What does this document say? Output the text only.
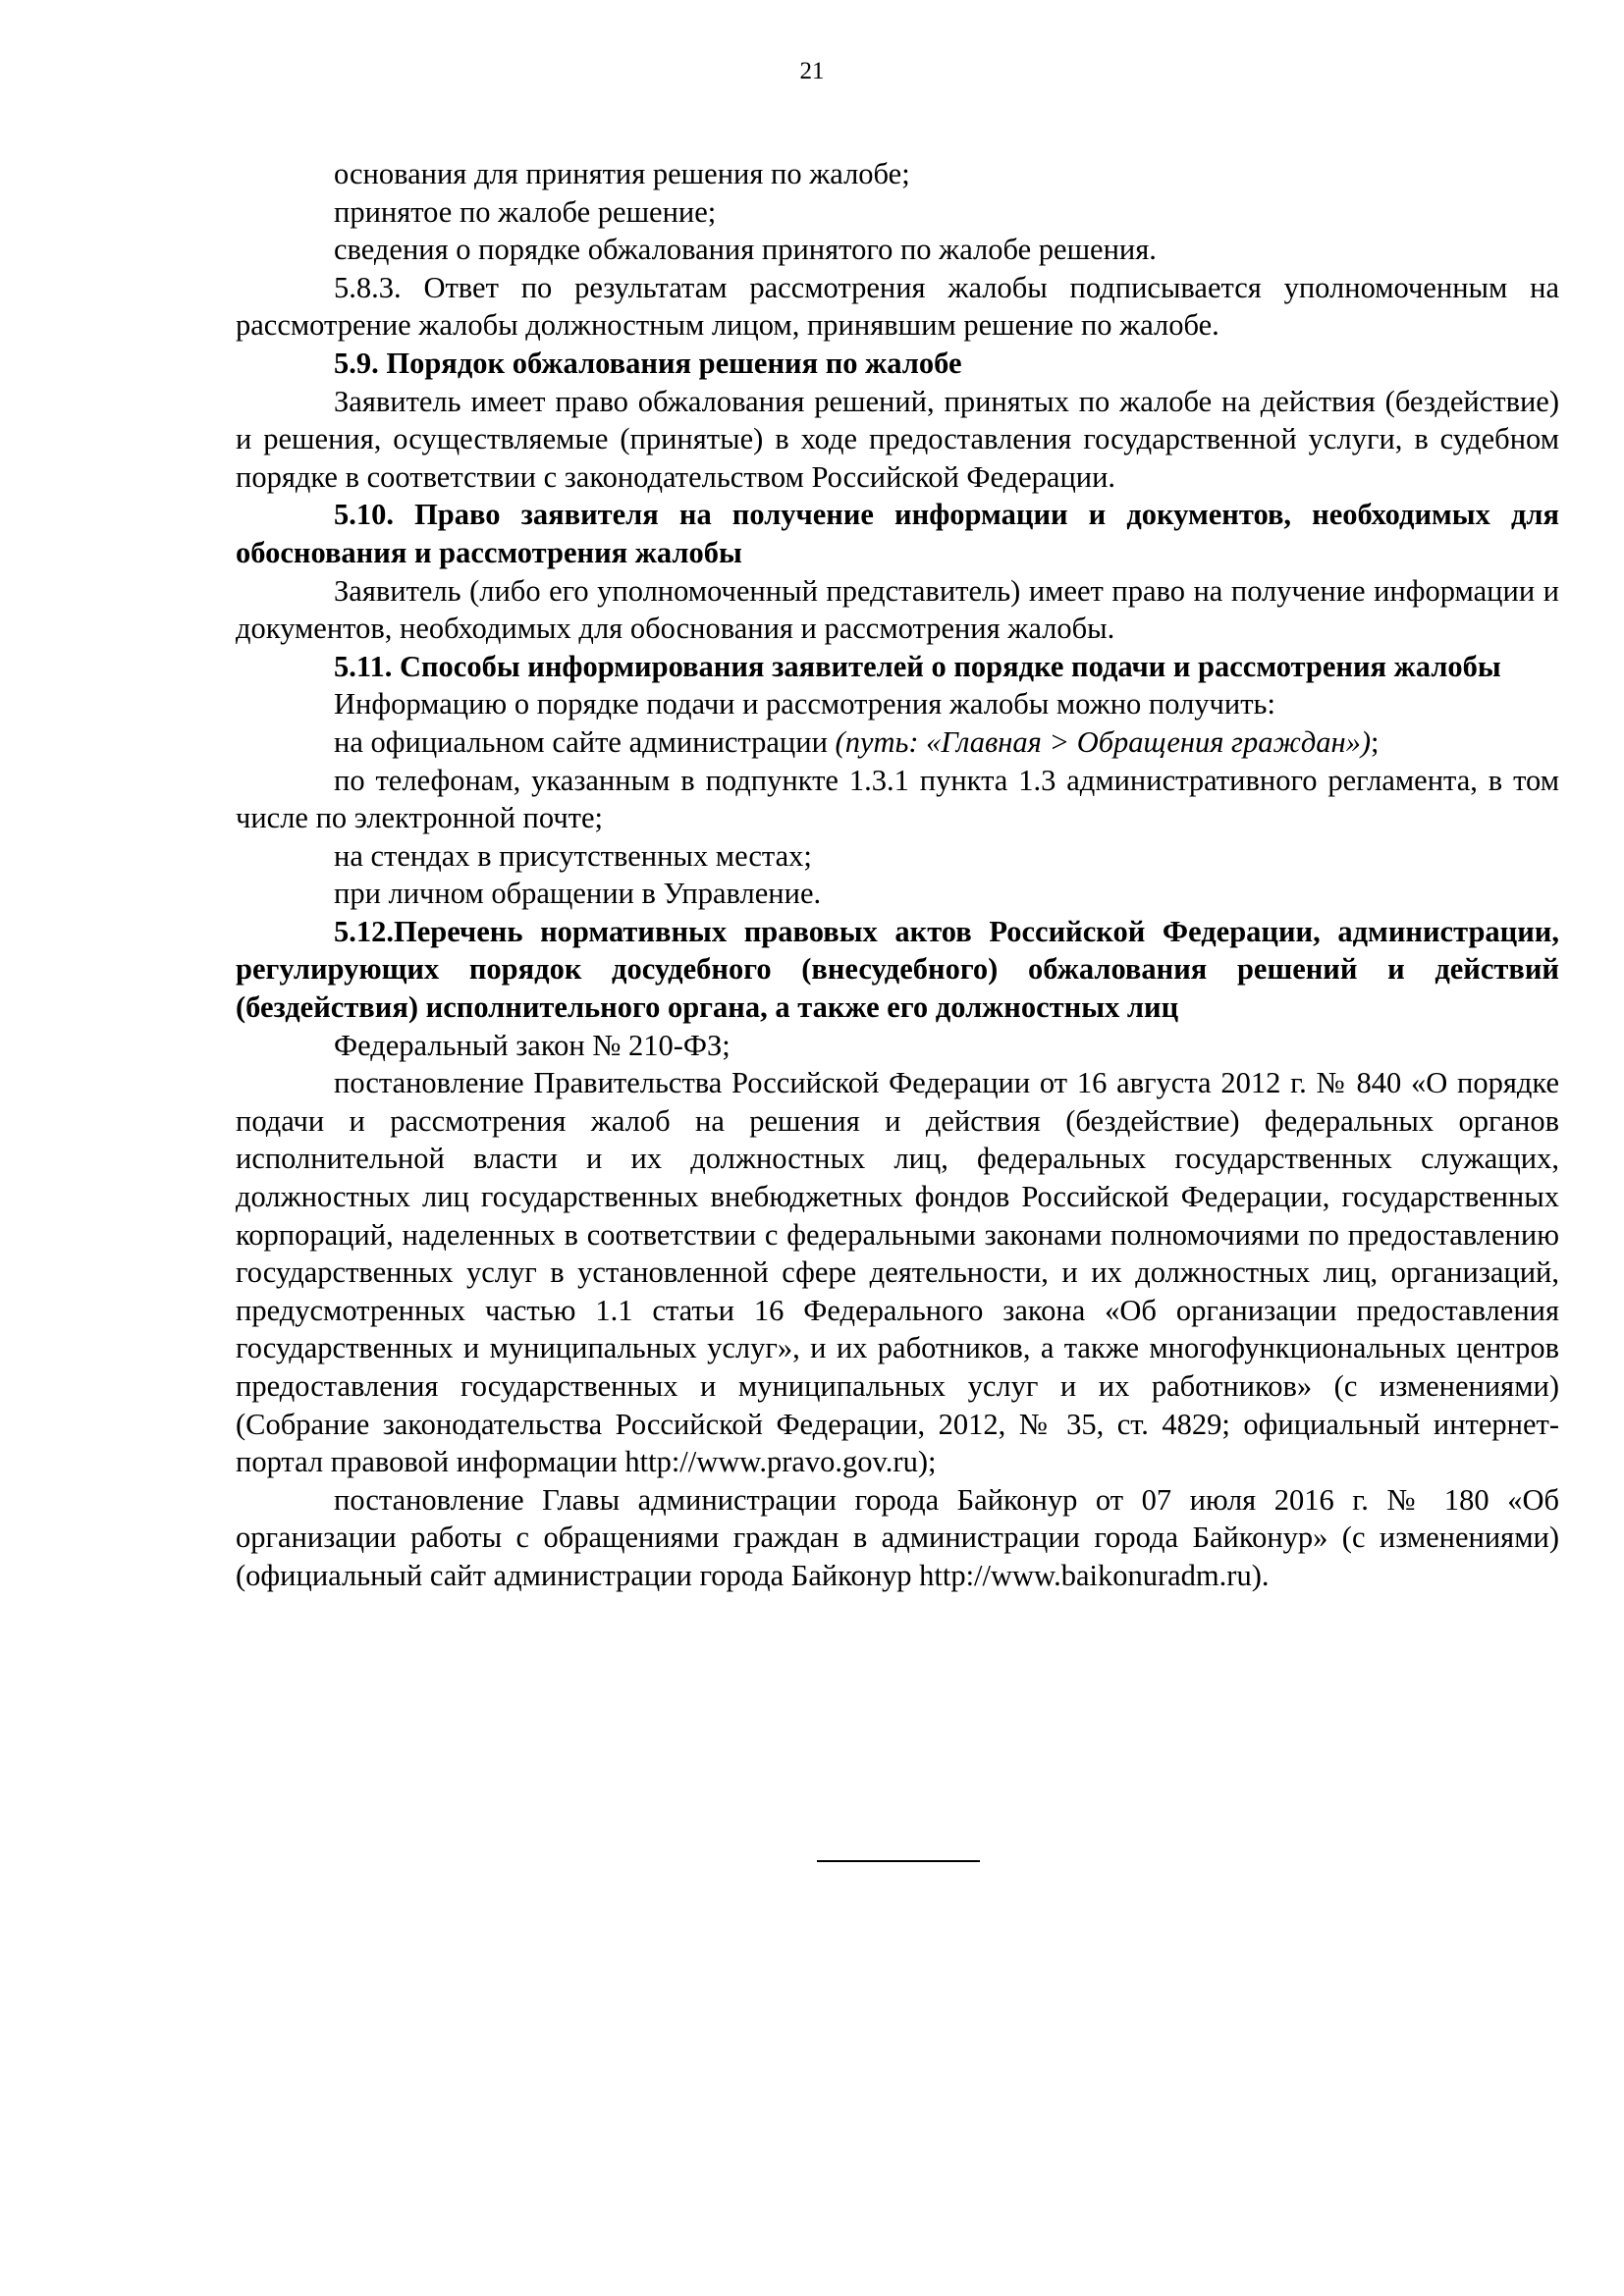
21

основания для принятия решения по жалобе;

принятое по жалобе решение;

сведения о порядке обжалования принятого по жалобе решения.

5.8.3. Ответ по результатам рассмотрения жалобы подписывается уполномоченным на рассмотрение жалобы должностным лицом, принявшим решение по жалобе.

5.9. Порядок обжалования решения по жалобе

Заявитель имеет право обжалования решений, принятых по жалобе на действия (бездействие) и решения, осуществляемые (принятые) в ходе предоставления государственной услуги, в судебном порядке в соответствии с законодательством Российской Федерации.

5.10. Право заявителя на получение информации и документов, необходимых для обоснования и рассмотрения жалобы

Заявитель (либо его уполномоченный представитель) имеет право на получение информации и документов, необходимых для обоснования и рассмотрения жалобы.

5.11. Способы информирования заявителей о порядке подачи и рассмотрения жалобы

Информацию о порядке подачи и рассмотрения жалобы можно получить:

на официальном сайте администрации (путь: «Главная > Обращения граждан»);

по телефонам, указанным в подпункте 1.3.1 пункта 1.3 административного регламента, в том числе по электронной почте;

на стендах в присутственных местах;

при личном обращении в Управление.

5.12.Перечень нормативных правовых актов Российской Федерации, администрации, регулирующих порядок досудебного (внесудебного) обжалования решений и действий (бездействия) исполнительного органа, а также его должностных лиц

Федеральный закон № 210-ФЗ;

постановление Правительства Российской Федерации от 16 августа 2012 г. № 840 «О порядке подачи и рассмотрения жалоб на решения и действия (бездействие) федеральных органов исполнительной власти и их должностных лиц, федеральных государственных служащих, должностных лиц государственных внебюджетных фондов Российской Федерации, государственных корпораций, наделенных в соответствии с федеральными законами полномочиями по предоставлению государственных услуг в установленной сфере деятельности, и их должностных лиц, организаций, предусмотренных частью 1.1 статьи 16 Федерального закона «Об организации предоставления государственных и муниципальных услуг», и их работников, а также многофункциональных центров предоставления государственных и муниципальных услуг и их работников» (с изменениями) (Собрание законодательства Российской Федерации, 2012, № 35, ст. 4829; официальный интернет-портал правовой информации http://www.pravo.gov.ru);

постановление Главы администрации города Байконур от 07 июля 2016 г. № 180 «Об организации работы с обращениями граждан в администрации города Байконур» (с изменениями) (официальный сайт администрации города Байконур http://www.baikonuradm.ru).
